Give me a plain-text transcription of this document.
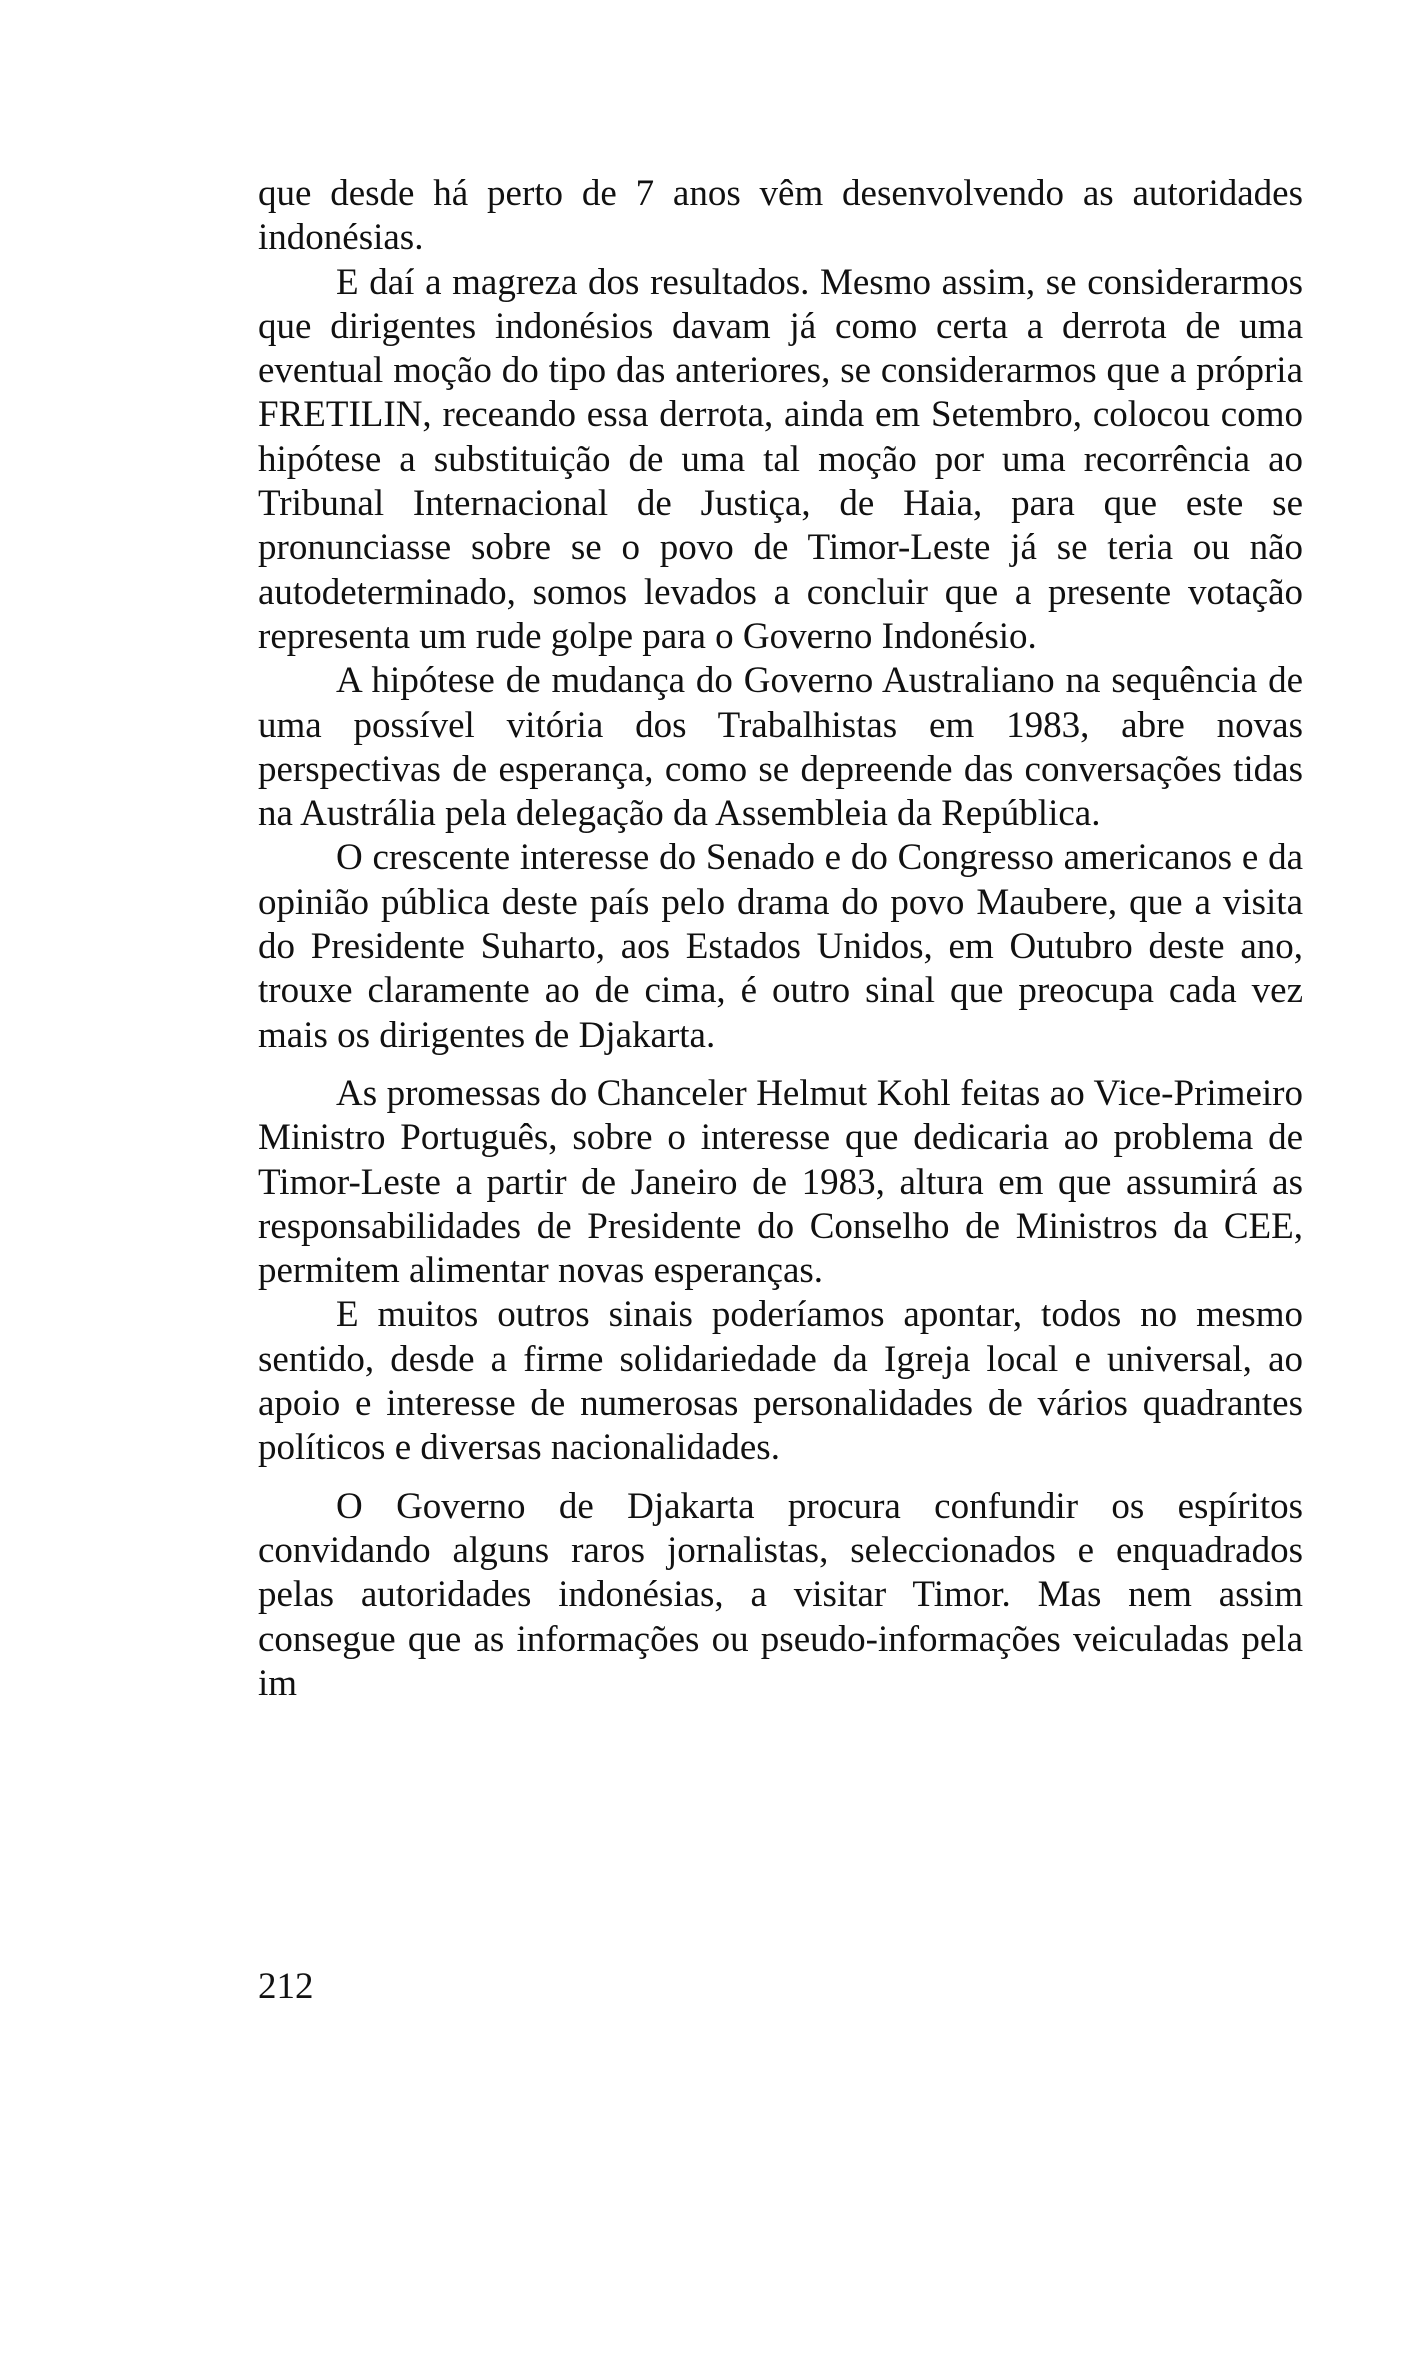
que desde há perto de 7 anos vêm desenvolvendo as autoridades indonésias.

E daí a magreza dos resultados. Mesmo assim, se considerarmos que dirigentes indonésios davam já como certa a derrota de uma eventual moção do tipo das anteriores, se considerarmos que a própria FRETILIN, receando essa derrota, ainda em Setembro, colocou como hipótese a substituição de uma tal moção por uma recorrência ao Tribunal Internacional de Justiça, de Haia, para que este se pronunciasse sobre se o povo de Timor-Leste já se teria ou não autodeterminado, somos levados a concluir que a presente votação representa um rude golpe para o Governo Indonésio.

A hipótese de mudança do Governo Australiano na sequência de uma possível vitória dos Trabalhistas em 1983, abre novas perspectivas de esperança, como se depreende das conversações tidas na Austrália pela delegação da Assembleia da República.

O crescente interesse do Senado e do Congresso americanos e da opinião pública deste país pelo drama do povo Maubere, que a visita do Presidente Suharto, aos Estados Unidos, em Outubro deste ano, trouxe claramente ao de cima, é outro sinal que preocupa cada vez mais os dirigentes de Djakarta.

As promessas do Chanceler Helmut Kohl feitas ao Vice-Primeiro Ministro Português, sobre o interesse que dedicaria ao problema de Timor-Leste a partir de Janeiro de 1983, altura em que assumirá as responsabilidades de Presidente do Conselho de Ministros da CEE, permitem alimentar novas esperanças.

E muitos outros sinais poderíamos apontar, todos no mesmo sentido, desde a firme solidariedade da Igreja local e universal, ao apoio e interesse de numerosas personalidades de vários quadrantes políticos e diversas nacionalidades.

O Governo de Djakarta procura confundir os espíritos convidando alguns raros jornalistas, seleccionados e enquadrados pelas autoridades indonésias, a visitar Timor. Mas nem assim consegue que as informações ou pseudo-informações veiculadas pela im

212
